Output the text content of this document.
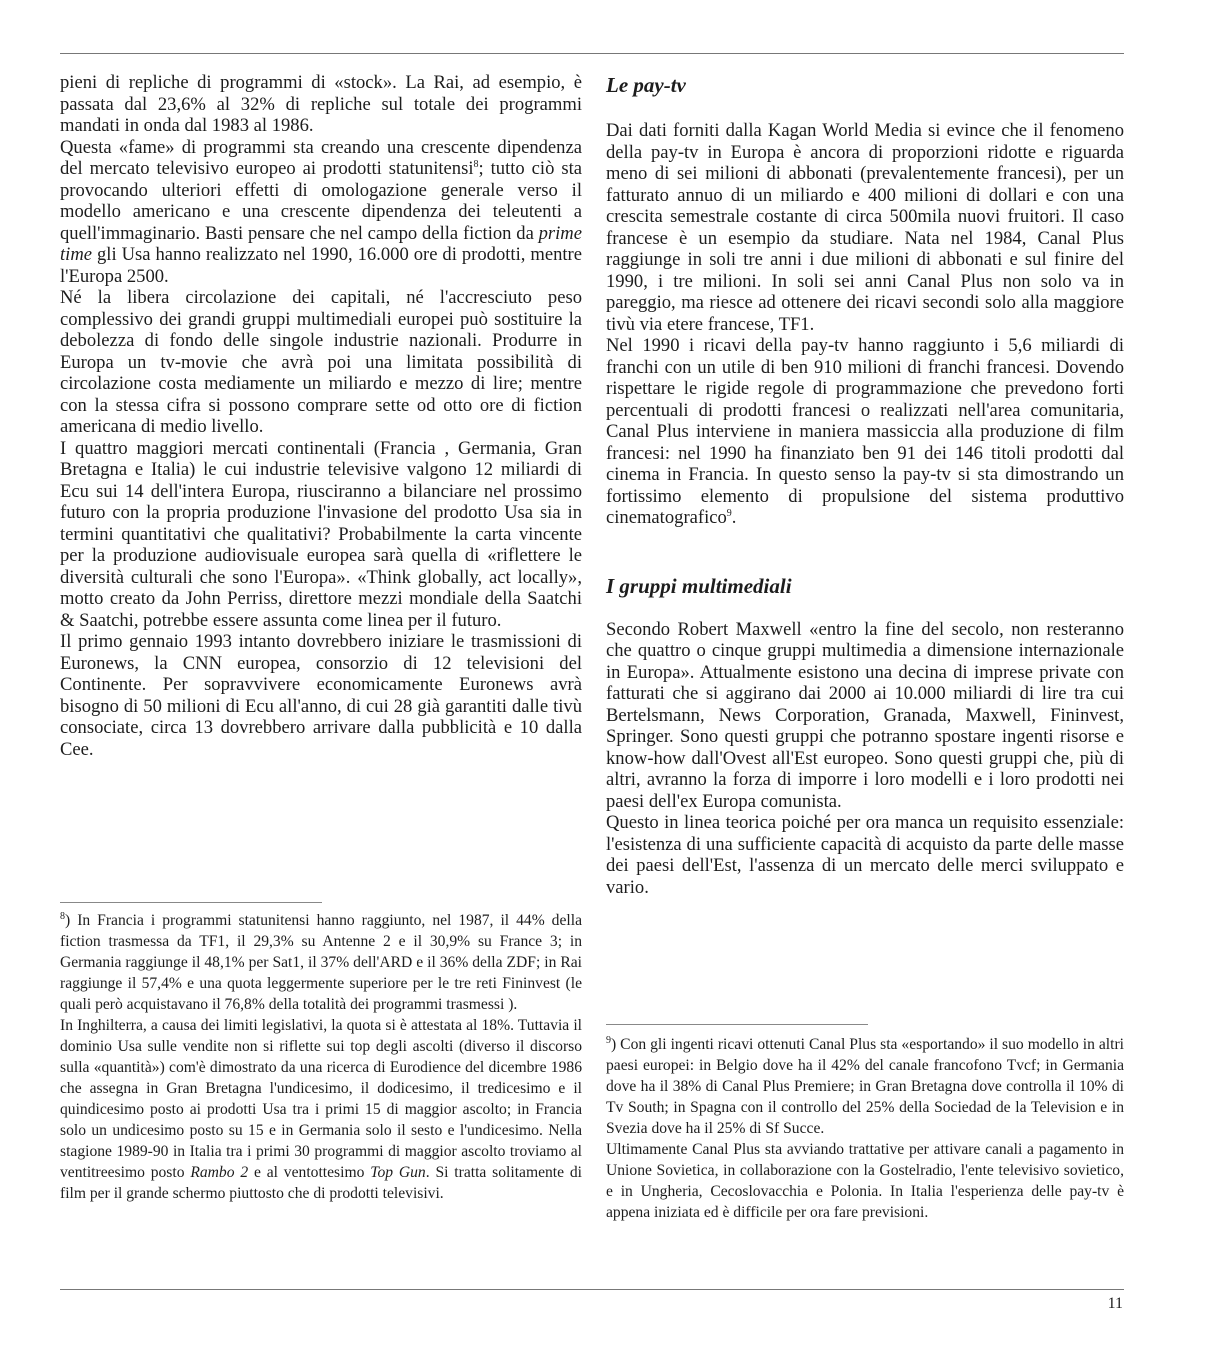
pieni di repliche di programmi di «stock». La Rai, ad esempio, è passata dal 23,6% al 32% di repliche sul totale dei programmi mandati in onda dal 1983 al 1986.

Questa «fame» di programmi sta creando una crescente dipendenza del mercato televisivo europeo ai prodotti statunitensi$^8$; tutto ciò sta provocando ulteriori effetti di omologazione generale verso il modello americano e una crescente dipendenza dei teleutenti a quell'immaginario. Basti pensare che nel campo della fiction da prime time gli Usa hanno realizzato nel 1990, 16.000 ore di prodotti, mentre l'Europa 2500.

Né la libera circolazione dei capitali, né l'accresciuto peso complessivo dei grandi gruppi multimediali europei può sostituire la debolezza di fondo delle singole industrie nazionali. Produrre in Europa un tv-movie che avrà poi una limitata possibilità di circolazione costa mediamente un miliardo e mezzo di lire; mentre con la stessa cifra si possono comprare sette od otto ore di fiction americana di medio livello.

I quattro maggiori mercati continentali (Francia , Germania, Gran Bretagna e Italia) le cui industrie televisive valgono 12 miliardi di Ecu sui 14 dell'intera Europa, riusciranno a bilanciare nel prossimo futuro con la propria produzione l'invasione del prodotto Usa sia in termini quantitativi che qualitativi? Probabilmente la carta vincente per la produzione audiovisuale europea sarà quella di «riflettere le diversità culturali che sono l'Europa». «Think globally, act locally», motto creato da John Perriss, direttore mezzi mondiale della Saatchi & Saatchi, potrebbe essere assunta come linea per il futuro.

Il primo gennaio 1993 intanto dovrebbero iniziare le trasmissioni di Euronews, la CNN europea, consorzio di 12 televisioni del Continente. Per sopravvivere economicamente Euronews avrà bisogno di 50 milioni di Ecu all'anno, di cui 28 già garantiti dalle tivù consociate, circa 13 dovrebbero arrivare dalla pubblicità e 10 dalla Cee.

$^8$) In Francia i programmi statunitensi hanno raggiunto, nel 1987, il 44% della fiction trasmessa da TF1, il 29,3% su Antenne 2 e il 30,9% su France 3; in Germania raggiunge il 48,1% per Sat1, il 37% dell'ARD e il 36% della ZDF; in Rai raggiunge il 57,4% e una quota leggermente superiore per le tre reti Fininvest (le quali però acquistavano il 76,8% della totalità dei programmi trasmessi ).

In Inghilterra, a causa dei limiti legislativi, la quota si è attestata al 18%. Tuttavia il dominio Usa sulle vendite non si riflette sui top degli ascolti (diverso il discorso sulla «quantità») com'è dimostrato da una ricerca di Eurodience del dicembre 1986 che assegna in Gran Bretagna l'undicesimo, il dodicesimo, il tredicesimo e il quindicesimo posto ai prodotti Usa tra i primi 15 di maggior ascolto; in Francia solo un undicesimo posto su 15 e in Germania solo il sesto e l'undicesimo. Nella stagione 1989-90 in Italia tra i primi 30 programmi di maggior ascolto troviamo al ventitreesimo posto Rambo 2 e al ventottesimo Top Gun. Si tratta solitamente di film per il grande schermo piuttosto che di prodotti televisivi.

Le pay-tv

Dai dati forniti dalla Kagan World Media si evince che il fenomeno della pay-tv in Europa è ancora di proporzioni ridotte e riguarda meno di sei milioni di abbonati (prevalentemente francesi), per un fatturato annuo di un miliardo e 400 milioni di dollari e con una crescita semestrale costante di circa 500mila nuovi fruitori. Il caso francese è un esempio da studiare. Nata nel 1984, Canal Plus raggiunge in soli tre anni i due milioni di abbonati e sul finire del 1990, i tre milioni. In soli sei anni Canal Plus non solo va in pareggio, ma riesce ad ottenere dei ricavi secondi solo alla maggiore tivù via etere francese, TF1.

Nel 1990 i ricavi della pay-tv hanno raggiunto i 5,6 miliardi di franchi con un utile di ben 910 milioni di franchi francesi. Dovendo rispettare le rigide regole di programmazione che prevedono forti percentuali di prodotti francesi o realizzati nell'area comunitaria, Canal Plus interviene in maniera massiccia alla produzione di film francesi: nel 1990 ha finanziato ben 91 dei 146 titoli prodotti dal cinema in Francia. In questo senso la pay-tv si sta dimostrando un fortissimo elemento di propulsione del sistema produttivo cinematografico$^9$.

I gruppi multimediali

Secondo Robert Maxwell «entro la fine del secolo, non resteranno che quattro o cinque gruppi multimedia a dimensione internazionale in Europa». Attualmente esistono una decina di imprese private con fatturati che si aggirano dai 2000 ai 10.000 miliardi di lire tra cui Bertelsmann, News Corporation, Granada, Maxwell, Fininvest, Springer. Sono questi gruppi che potranno spostare ingenti risorse e know-how dall'Ovest all'Est europeo. Sono questi gruppi che, più di altri, avranno la forza di imporre i loro modelli e i loro prodotti nei paesi dell'ex Europa comunista.

Questo in linea teorica poiché per ora manca un requisito essenziale: l'esistenza di una sufficiente capacità di acquisto da parte delle masse dei paesi dell'Est, l'assenza di un mercato delle merci sviluppato e vario.

$^9$) Con gli ingenti ricavi ottenuti Canal Plus sta «esportando» il suo modello in altri paesi europei: in Belgio dove ha il 42% del canale francofono Tvcf; in Germania dove ha il 38% di Canal Plus Premiere; in Gran Bretagna dove controlla il 10% di Tv South; in Spagna con il controllo del 25% della Sociedad de la Television e in Svezia dove ha il 25% di Sf Succe.

Ultimamente Canal Plus sta avviando trattative per attivare canali a pagamento in Unione Sovietica, in collaborazione con la Gostelradio, l'ente televisivo sovietico, e in Ungheria, Cecoslovacchia e Polonia. In Italia l'esperienza delle pay-tv è appena iniziata ed è difficile per ora fare previsioni.

11
